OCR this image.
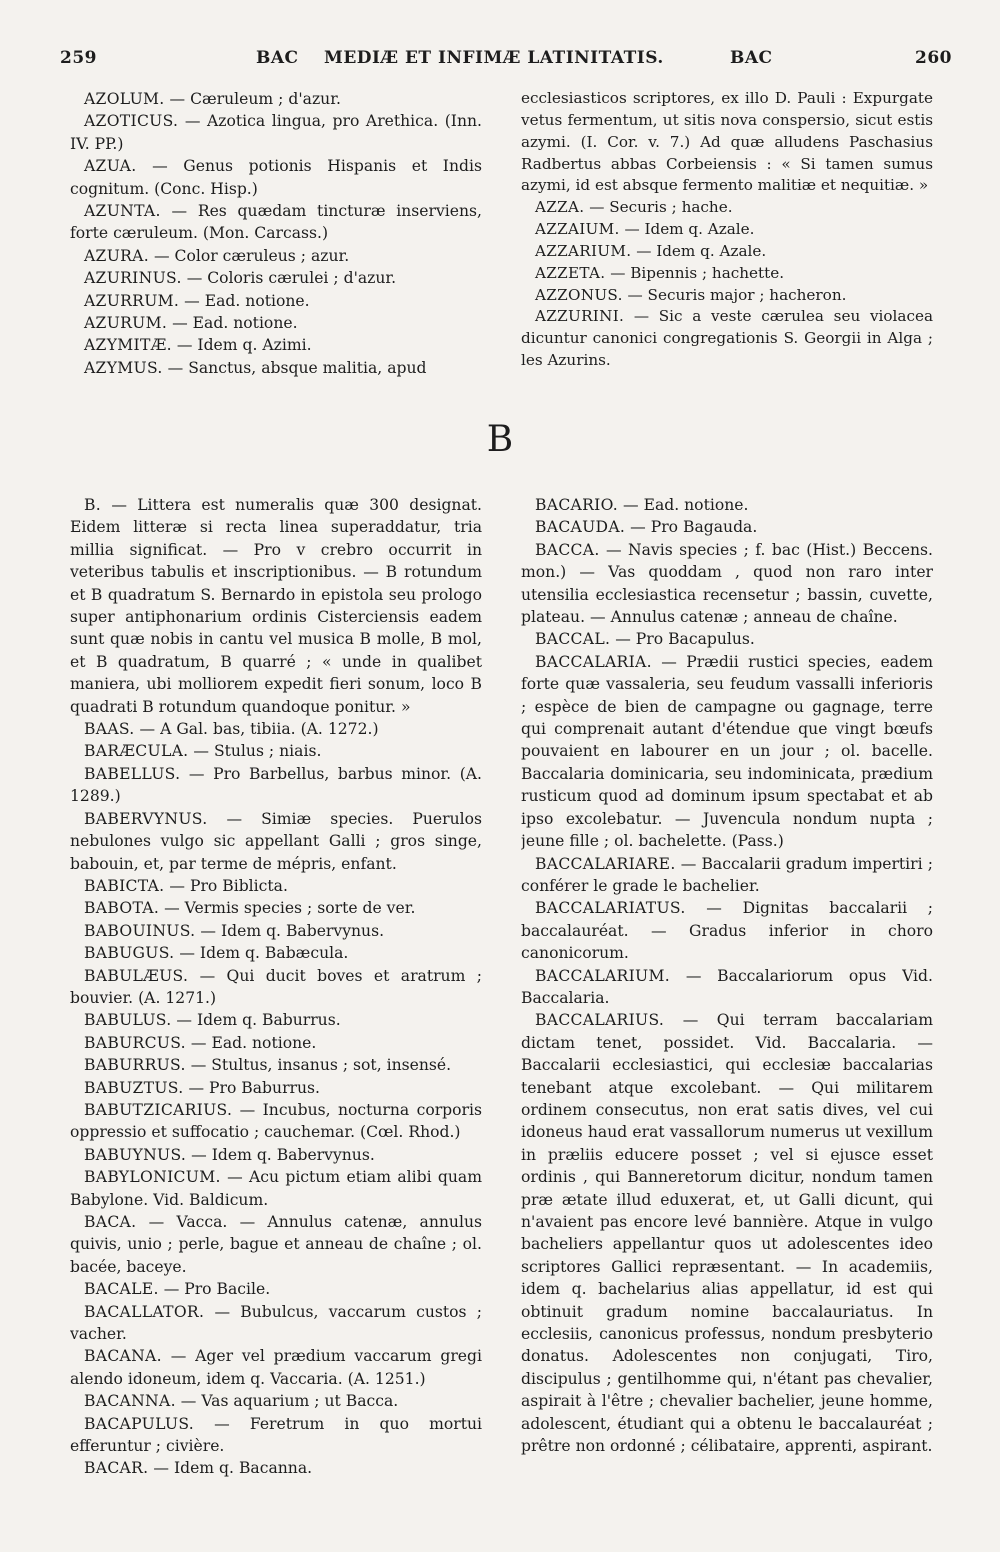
259	BAC MEDIÆ ET INFIMÆ LATINITATIS.	BAC	260

AZOLUM. — Cæruleum ; d'azur.

AZOTICUS. — Azotica lingua, pro Arethica. (Inn. IV. PP.)

AZUA. — Genus potionis Hispanis et Indis cognitum. (Conc. Hisp.)

AZUNTA. — Res quædam tincturæ inserviens, forte cæruleum. (Mon. Carcass.)

AZURA. — Color cæruleus ; azur.

AZURINUS. — Coloris cærulei ; d'azur.

AZURRUM. — Ead. notione.

AZURUM. — Ead. notione.

AZYMITÆ. — Idem q. Azimi.

AZYMUS. — Sanctus, absque malitia, apud

ecclesiasticos scriptores, ex illo D. Pauli : Expurgate vetus fermentum, ut sitis nova conspersio, sicut estis azymi. (I. Cor. v. 7.) Ad quæ alludens Paschasius Radbertus abbas Corbeiensis : « Si tamen sumus azymi, id est absque fermento malitiæ et nequitiæ. »

AZZA. — Securis ; hache.

AZZAIUM. — Idem q. Azale.

AZZARIUM. — Idem q. Azale.

AZZETA. — Bipennis ; hachette.

AZZONUS. — Securis major ; hacheron.

AZZURINI. — Sic a veste cærulea seu violacea dicuntur canonici congregationis S. Georgii in Alga ; les Azurins.

B

B. — Littera est numeralis quæ 300 designat. Eidem litteræ si recta linea superaddatur, tria millia significat. — Pro v crebro occurrit in veteribus tabulis et inscriptionibus. — B rotundum et B quadratum S. Bernardo in epistola seu prologo super antiphonarium ordinis Cisterciensis eadem sunt quæ nobis in cantu vel musica B molle, B mol, et B quadratum, B quarré ; « unde in qualibet maniera, ubi molliorem expedit fieri sonum, loco B quadrati B rotundum quandoque ponitur. »

BAAS. — A Gal. bas, tibiia. (A. 1272.)

BARÆCULA. — Stulus ; niais.

BABELLUS. — Pro Barbellus, barbus minor. (A. 1289.)

BABERVYNUS. — Simiæ species. Puerulos nebulones vulgo sic appellant Galli ; gros singe, babouin, et, par terme de mépris, enfant.

BABICTA. — Pro Biblicta.

BABOTA. — Vermis species ; sorte de ver.

BABOUINUS. — Idem q. Babervynus.

BABUGUS. — Idem q. Babæcula.

BABULÆUS. — Qui ducit boves et aratrum ; bouvier. (A. 1271.)

BABULUS. — Idem q. Baburrus.

BABURCUS. — Ead. notione.

BABURRUS. — Stultus, insanus ; sot, insensé.

BABUZTUS. — Pro Baburrus.

BABUTZICARIUS. — Incubus, nocturna corporis oppressio et suffocatio ; cauchemar. (Cœl. Rhod.)

BABUYNUS. — Idem q. Babervynus.

BABYLONICUM. — Acu pictum etiam alibi quam Babylone. Vid. Baldicum.

BACA. — Vacca. — Annulus catenæ, annulus quivis, unio ; perle, bague et anneau de chaîne ; ol. bacée, baceye.

BACALE. — Pro Bacile.

BACALLATOR. — Bubulcus, vaccarum custos ; vacher.

BACANA. — Ager vel prædium vaccarum gregi alendo idoneum, idem q. Vaccaria. (A. 1251.)

BACANNA. — Vas aquarium ; ut Bacca.

BACAPULUS. — Feretrum in quo mortui efferuntur ; civière.

BACAR. — Idem q. Bacanna.

BACARIO. — Ead. notione.

BACAUDA. — Pro Bagauda.

BACCA. — Navis species ; f. bac (Hist.) Beccens. mon.) — Vas quoddam , quod non raro inter utensilia ecclesiastica recensetur ; bassin, cuvette, plateau. — Annulus catenæ ; anneau de chaîne.

BACCAL. — Pro Bacapulus.

BACCALARIA. — Prædii rustici species, eadem forte quæ vassaleria, seu feudum vassalli inferioris ; espèce de bien de campagne ou gagnage, terre qui comprenait autant d'étendue que vingt bœufs pouvaient en labourer en un jour ; ol. bacelle. Baccalaria dominicaria, seu indominicata, prædium rusticum quod ad dominum ipsum spectabat et ab ipso excolebatur. — Juvencula nondum nupta ; jeune fille ; ol. bachelette. (Pass.)

BACCALARIARE. — Baccalarii gradum impertiri ; conférer le grade le bachelier.

BACCALARIATUS. — Dignitas baccalarii ; baccalauréat. — Gradus inferior in choro canonicorum.

BACCALARIUM. — Baccalariorum opus Vid. Baccalaria.

BACCALARIUS. — Qui terram baccalariam dictam tenet, possidet. Vid. Baccalaria. — Baccalarii ecclesiastici, qui ecclesiæ baccalarias tenebant atque excolebant. — Qui militarem ordinem consecutus, non erat satis dives, vel cui idoneus haud erat vassallorum numerus ut vexillum in præliis educere posset ; vel si ejusce esset ordinis , qui Banneretorum dicitur, nondum tamen præ ætate illud eduxerat, et, ut Galli dicunt, qui n'avaient pas encore levé bannière. Atque in vulgo bacheliers appellantur quos ut adolescentes ideo scriptores Gallici repræsentant. — In academiis, idem q. bachelarius alias appellatur, id est qui obtinuit gradum nomine baccalauriatus. In ecclesiis, canonicus professus, nondum presbyterio donatus. Adolescentes non conjugati, Tiro, discipulus ; gentilhomme qui, n'étant pas chevalier, aspirait à l'être ; chevalier bachelier, jeune homme, adolescent, étudiant qui a obtenu le baccalauréat ; prêtre non ordonné ; célibataire, apprenti, aspirant.
